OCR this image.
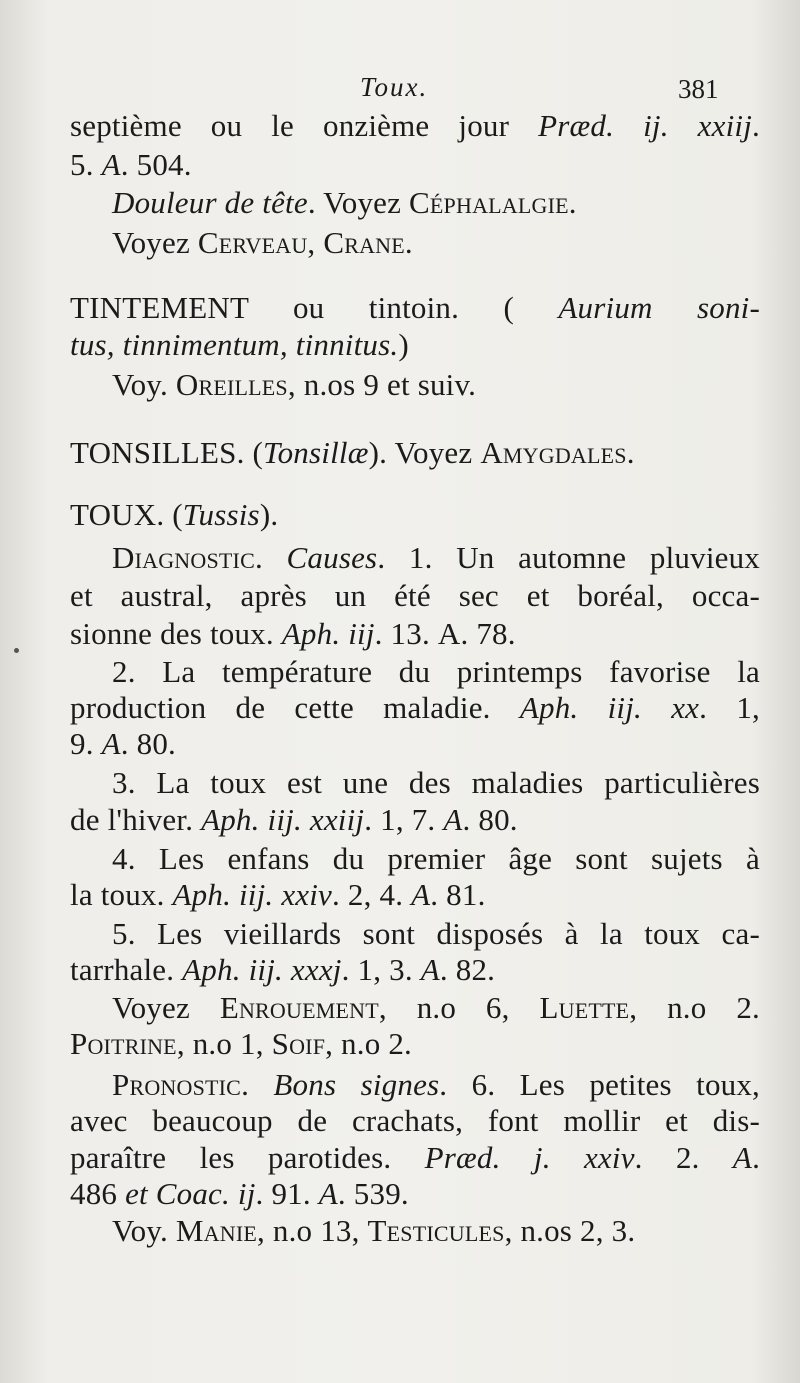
Toux.	381
septième ou le onzième jour Præd. ij. xxiij.
5. A. 504.
Douleur de tête. Voyez Céphalalgie.
Voyez Cerveau, Crane.
TINTEMENT ou tintoin. ( Aurium soni-
tus, tinnimentum, tinnitus.)
Voy. Oreilles, n.os 9 et suiv.
TONSILLES. (Tonsillæ). Voyez Amygdales.
TOUX. (Tussis).
Diagnostic. Causes. 1. Un automne pluvieux
et austral, après un été sec et boréal, occa-
sionne des toux. Aph. iij. 13. A. 78.
2. La température du printemps favorise la
production de cette maladie. Aph. iij. xx. 1,
9. A. 80.
3. La toux est une des maladies particulières
de l'hiver. Aph. iij. xxiij. 1, 7. A. 80.
4. Les enfans du premier âge sont sujets à
la toux. Aph. iij. xxiv. 2, 4. A. 81.
5. Les vieillards sont disposés à la toux ca-
tarrhale. Aph. iij. xxxj. 1, 3. A. 82.
Voyez Enrouement, n.o 6, Luette, n.o 2.
Poitrine, n.o 1, Soif, n.o 2.
Pronostic. Bons signes. 6. Les petites toux,
avec beaucoup de crachats, font mollir et dis-
paraître les parotides. Præd. j. xxiv. 2. A.
486 et Coac. ij. 91. A. 539.
Voy. Manie, n.o 13, Testicules, n.os 2, 3.
